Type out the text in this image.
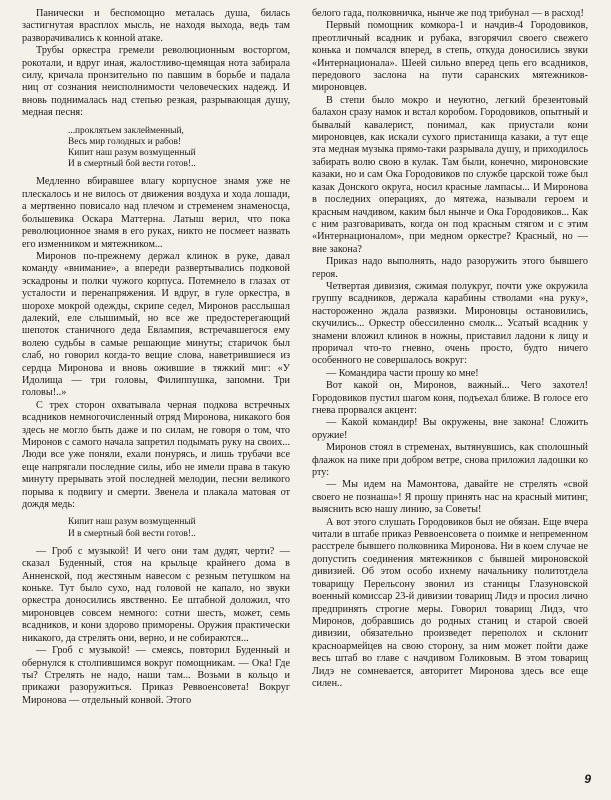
Панически и беспомощно металась душа, билась застигнутая врасплох мысль, не находя выхода, ведь там разворачивались к конной атаке.

Трубы оркестра гремели революционным восторгом, рокотали, и вдруг иная, жалостливо-щемящая нота забирала силу, кричала пронзительно по павшим в борьбе и падала ниц от сознания неисполнимости человеческих надежд. И вновь поднималась над степью резкая, разрывающая душу, медная песня:

...проклятьем заклейменный,
Весь мир голодных и рабов!
Кипит наш разум возмущенный
И в смертный бой вести готов!..

Медленно вбиравшее влагу корпусное знамя уже не плескалось и не вилось от движения воздуха и хода лошади, а мертвенно повисало над плечом и стременем знаменосца, большевика Оскара Маттерна. Латыш верил, что пока революционное знамя в его руках, никто не посмеет назвать его изменником и мятежником...

Миронов по-прежнему держал клинок в руке, давал команду «внимание», а впереди развертывались подковой эскадроны и полки чужого корпуса. Потемнело в глазах от усталости и перенапряжения. И вдруг, в гуле оркестра, в шорохе мокрой одежды, скрипе седел, Миронов расслышал далекий, еле слышимый, но все же предостерегающий шепоток станичного деда Евлампия, встречавшегося ему волею судьбы в самые решающие минуты; старичок был слаб, но говорил когда-то вещие слова, наветрившиеся из сердца Миронова и вновь ожившие в тяжкий миг: «У Идолища — три головы, Филиппушка, запомни. Три головы!..»

С трех сторон охватывала черная подкова встречных всадников немногочисленный отряд Миронова, никакого боя здесь не могло быть даже и по силам, не говоря о том, что Миронов с самого начала запретил подымать руку на своих... Люди все уже поняли, ехали понурясь, и лишь трубачи все еще напрягали последние силы, ибо не имели права в такую минуту прерывать этой последней мелодии, песни великого порыва к подвигу и смерти. Звенела и плакала матовая от дождя медь:

Кипит наш разум возмущенный
И в смертный бой вести готов!..

— Гроб с музыкой! И чего они там дудят, черти? — сказал Буденный, стоя на крыльце крайнего дома в Анненской, под жестяным навесом с резным петушком на коньке. Тут было сухо, над головой не капало, но звуки оркестра доносились явственно. Ее штабной доложил, что мироновцев совсем немного: сотни шесть, может, семь всадников, и кони здорово приморены. Оружия практически никакого, да стрелять они, верно, и не собираются...

— Гроб с музыкой! — смеясь, повторил Буденный и обернулся к столпившимся вокруг помощникам. — Ока! Где ты? Стрелять не надо, наши там... Возьми в кольцо и прикажи разоружиться. Приказ Реввоенсовета! Вокруг Миронова — отдельный конвой. Этого

белого гада, полковничка, нынче же под трибунал — в расход!

Первый помощник комкора-1 и начдив-4 Городовиков, преотличный всадник и рубака, взгорячил своего свежего конька и помчался вперед, в степь, откуда доносились звуки «Интернационала». Шеей сильно вперед цепь его всадников, передового заслона на пути саранских мятежников-мироновцев.

В степи было мокро и неуютно, легкий брезентовый балахон сразу намок и встал коробом. Городовиков, опытный и бывалый кавалерист, понимал, как приустали кони мироновцев, как искали сухого пристанища казаки, а тут еще эта медная музыка прямо-таки разрывала душу, и приходилось забирать волю свою в кулак. Там были, конечно, мироновские казаки, но и сам Ока Городовиков по службе царской тоже был казак Донского округа, носил красные лампасы... И Миронова в последних операциях, до мятежа, называли героем и красным начдивом, каким был нынче и Ока Городовиков... Как с ним разговаривать, когда он под красным стягом и с этим «Интернационалом», при медном оркестре? Красный, но — вне закона?

Приказ надо выполнять, надо разоружить этого бывшего героя.

Четвертая дивизия, сжимая полукруг, почти уже окружила группу всадников, держала карабины стволами «на руку», настороженно ждала развязки. Мироновцы остановились, скучились... Оркестр обессиленно смолк... Усатый всадник у знамени вложил клинок в ножны, приставил ладони к лицу и проричал что-то гневно, очень просто, будто ничего особенного не совершалось вокруг:

— Командира части прошу ко мне!

Вот какой он, Миронов, важный... Чего захотел! Городовиков пустил шагом коня, подъехал ближе. В голосе его гнева прорвался акцент:

— Какой командир! Вы окружены, вне закона! Сложить оружие!

Миронов стоял в стременах, вытянувшись, как сполошный флажок на пике при добром ветре, снова приложил ладошки ко рту:

— Мы идем на Мамонтова, давайте не стрелять «свой своего не познаша»! Я прошу принять нас на красный митинг, выяснить всю нашу линию, за Советы!

А вот этого слушать Городовиков был не обязан. Еще вчера читали в штабе приказ Реввоенсовета о поимке и непременном расстреле бывшего полковника Миронова. Ни в коем случае не допустить соединения мятежников с бывшей мироновской дивизией. Об этом особо ихнему начальнику политотдела товарищу Перельсону звонил из станицы Глазуновской военный комиссар 23-й дивизии товарищ Лидэ и просил лично предпринять строгие меры. Говорил товарищ Лидэ, что Миронов, добравшись до родных станиц и старой своей дивизии, обязательно произведет переполох и склонит красноармейцев на свою сторону, за ним может пойти даже весь штаб во главе с начдивом Голиковым. В этом товарищ Лидэ не сомневается, авторитет Миронова здесь все еще силен..

9
